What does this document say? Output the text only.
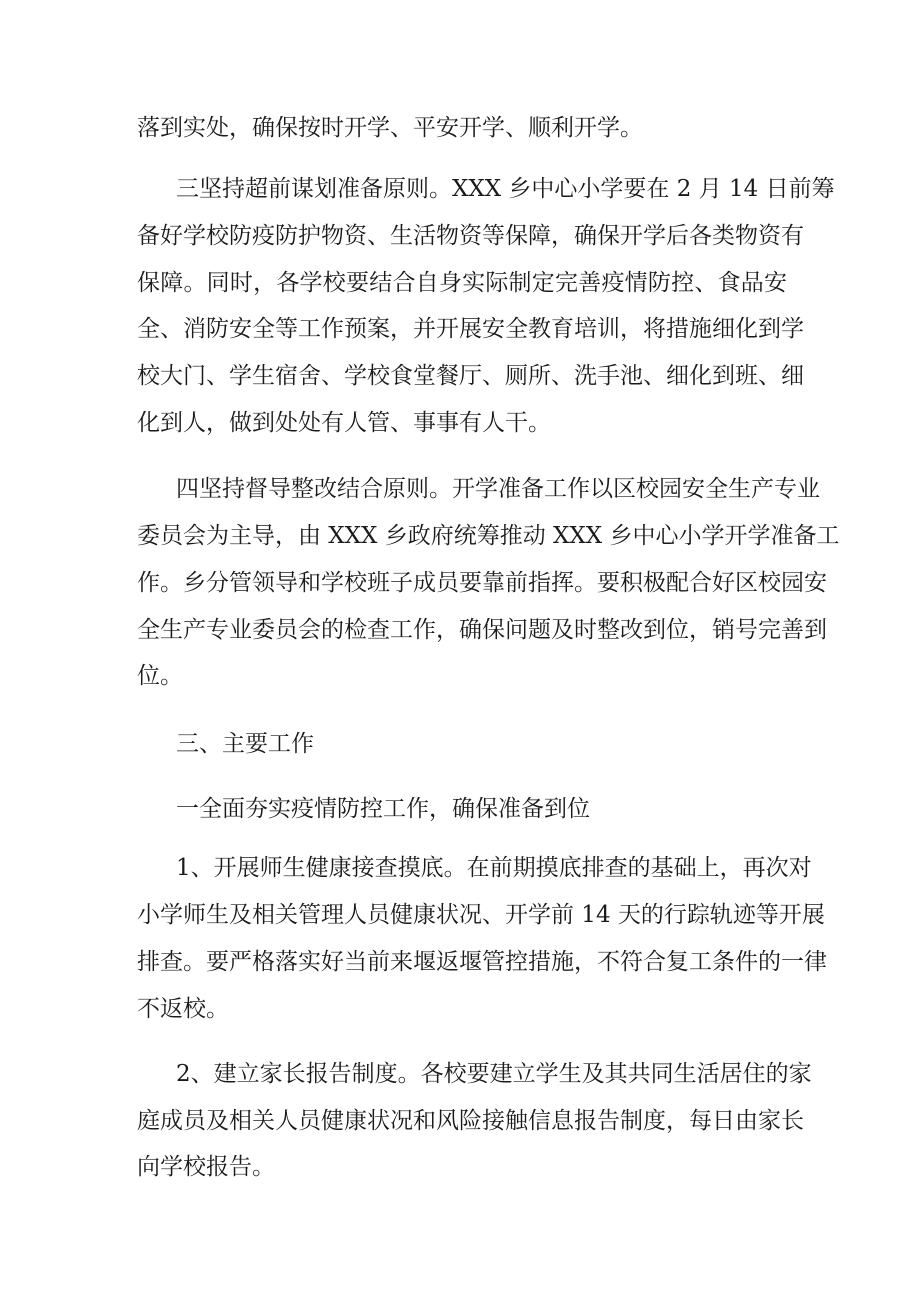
落到实处，确保按时开学、平安开学、顺利开学。
三坚持超前谋划准备原则。XXX 乡中心小学要在 2 月 14 日前筹
备好学校防疫防护物资、生活物资等保障，确保开学后各类物资有
保障。同时，各学校要结合自身实际制定完善疫情防控、食品安
全、消防安全等工作预案，并开展安全教育培训，将措施细化到学
校大门、学生宿舍、学校食堂餐厅、厕所、洗手池、细化到班、细
化到人，做到处处有人管、事事有人干。
四坚持督导整改结合原则。开学准备工作以区校园安全生产专业
委员会为主导，由 XXX 乡政府统筹推动 XXX 乡中心小学开学准备工
作。乡分管领导和学校班子成员要靠前指挥。要积极配合好区校园安
全生产专业委员会的检查工作，确保问题及时整改到位，销号完善到
位。
三、主要工作
一全面夯实疫情防控工作，确保准备到位
1、开展师生健康接查摸底。在前期摸底排查的基础上，再次对
小学师生及相关管理人员健康状况、开学前 14 天的行踪轨迹等开展
排查。要严格落实好当前来堰返堰管控措施，不符合复工条件的一律
不返校。
2、建立家长报告制度。各校要建立学生及其共同生活居住的家
庭成员及相关人员健康状况和风险接触信息报告制度，每日由家长
向学校报告。
